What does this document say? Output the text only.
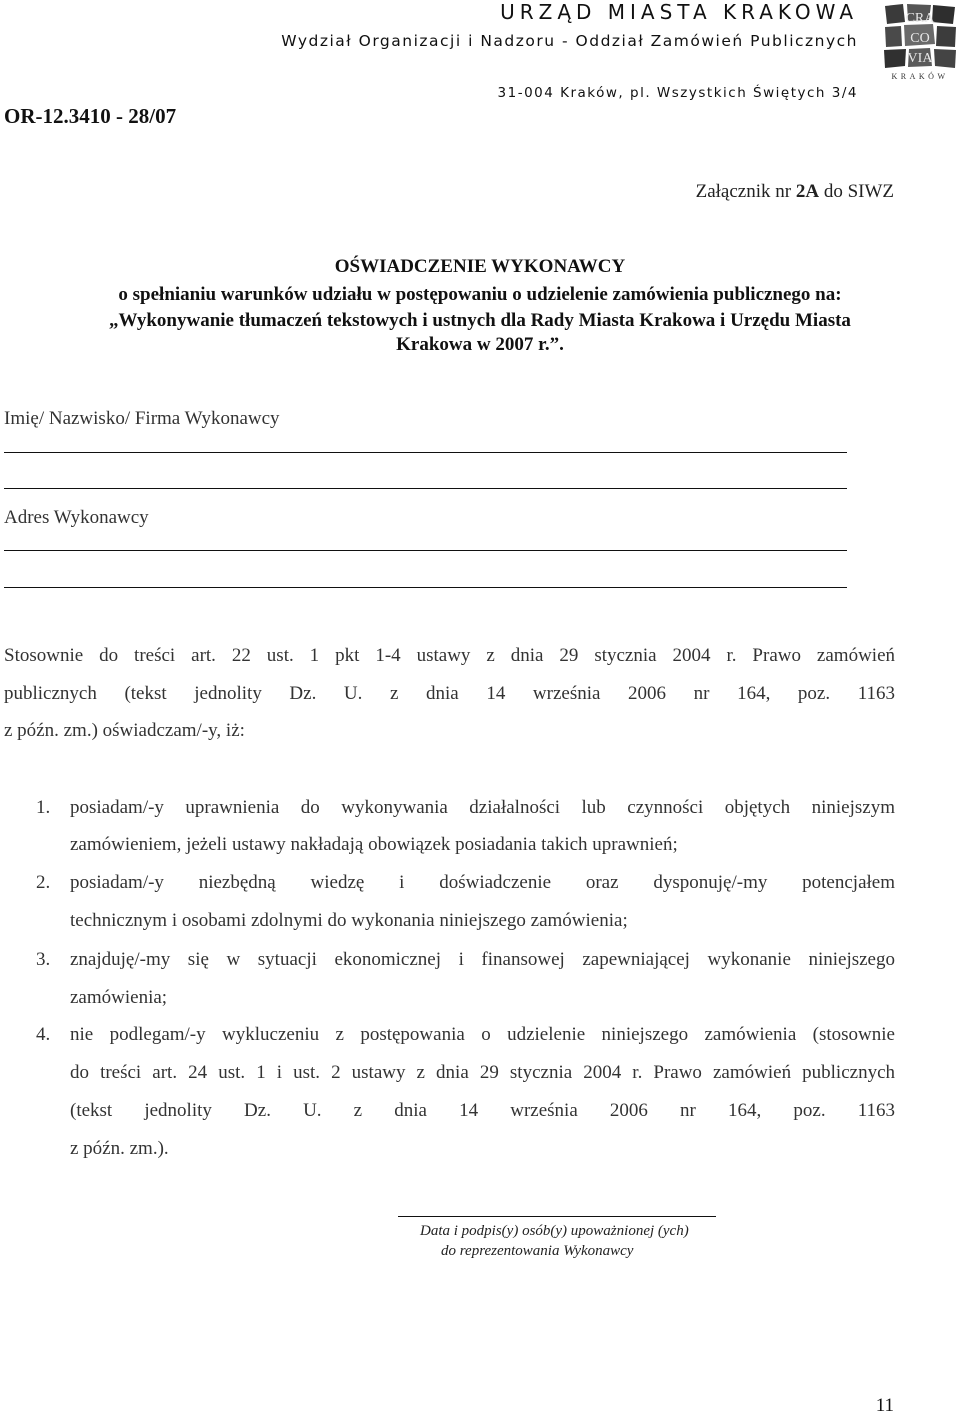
URZĄD MIASTA KRAKOWA
Wydział Organizacji i Nadzoru - Oddział Zamówień Publicznych
31-004 Kraków, pl. Wszystkich Świętych 3/4
OR-12.3410 - 28/07
CRA
CO
VIA
KRAKÓW
Załącznik nr 2A do SIWZ
OŚWIADCZENIE WYKONAWCY
o spełnianiu warunków udziału w postępowaniu o udzielenie zamówienia publicznego na:
„Wykonywanie tłumaczeń tekstowych i ustnych dla Rady Miasta Krakowa i Urzędu Miasta
Krakowa w 2007 r.”.
Imię/ Nazwisko/ Firma Wykonawcy
Adres Wykonawcy
Stosownie do treści art. 22 ust. 1 pkt 1-4 ustawy z dnia 29 stycznia 2004 r. Prawo zamówień
publicznych (tekst jednolity Dz. U. z dnia 14 września 2006 nr 164, poz. 1163
z późn. zm.) oświadczam/-y, iż:
1. posiadam/-y uprawnienia do wykonywania działalności lub czynności objętych niniejszym
zamówieniem, jeżeli ustawy nakładają obowiązek posiadania takich uprawnień;
2. posiadam/-y niezbędną wiedzę i doświadczenie oraz dysponuję/-my potencjałem
technicznym i osobami zdolnymi do wykonania niniejszego zamówienia;
3. znajduję/-my się w sytuacji ekonomicznej i finansowej zapewniającej wykonanie niniejszego
zamówienia;
4. nie podlegam/-y wykluczeniu z postępowania o udzielenie niniejszego zamówienia (stosownie
do treści art. 24 ust. 1 i ust. 2 ustawy z dnia 29 stycznia 2004 r. Prawo zamówień publicznych
(tekst jednolity Dz. U. z dnia 14 września 2006 nr 164, poz. 1163
z późn. zm.).
Data i podpis(y) osób(y) upoważnionej (ych)
do reprezentowania Wykonawcy
11
